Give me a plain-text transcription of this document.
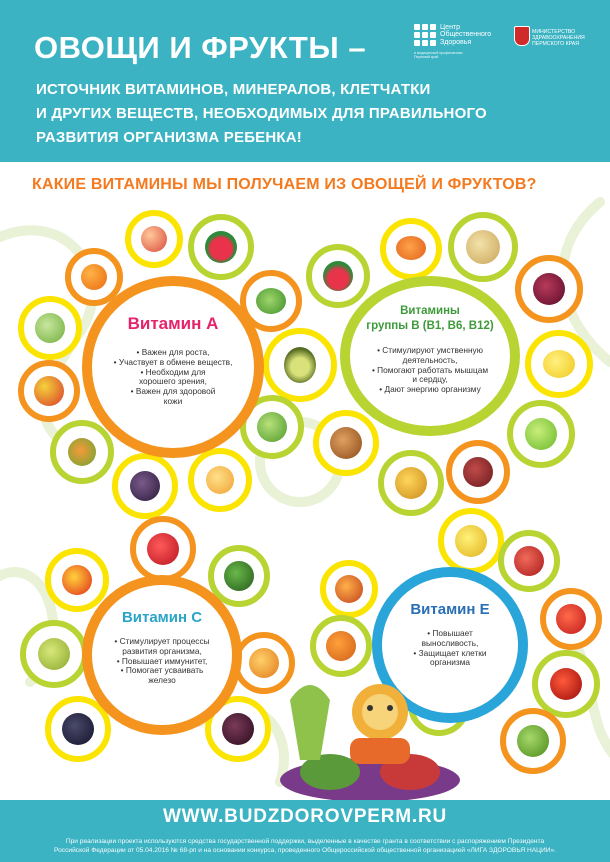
ОВОЩИ И ФРУКТЫ –
ИСТОЧНИК ВИТАМИНОВ, МИНЕРАЛОВ, КЛЕТЧАТКИ
И ДРУГИХ ВЕЩЕСТВ, НЕОБХОДИМЫХ ДЛЯ ПРАВИЛЬНОГО
РАЗВИТИЯ ОРГАНИЗМА РЕБЕНКА!
Центр
Общественного
Здоровья
и медицинской профилактики Пермский край
МИНИСТЕРСТВО
ЗДРАВООХРАНЕНИЯ
ПЕРМСКОГО КРАЯ
КАКИЕ ВИТАМИНЫ МЫ ПОЛУЧАЕМ ИЗ ОВОЩЕЙ И ФРУКТОВ?
Витамин А
• Важен для роста,
• Участвует в обмене веществ,
• Необходим для
хорошего зрения,
• Важен для здоровой
кожи
Витамины
группы В (В1, В6, В12)
• Стимулируют умственную
деятельность,
• Помогают работать мышцам
и сердцу,
• Дают энергию организму
Витамин С
• Стимулирует процессы
развития организма,
• Повышает иммунитет,
• Помогает усваивать
железо
Витамин Е
• Повышает
выносливость,
• Защищает клетки
организма
WWW.BUDZDOROVPERM.RU
При реализации проекта используются средства государственной поддержки, выделенные в качестве гранта в соответствии с распоряжением Президента
Российской Федерации от 05.04.2016 № 68-рп и на основании конкурса, проведенного Общероссийской общественной организацией «ЛИГА ЗДОРОВЬЯ НАЦИИ».
